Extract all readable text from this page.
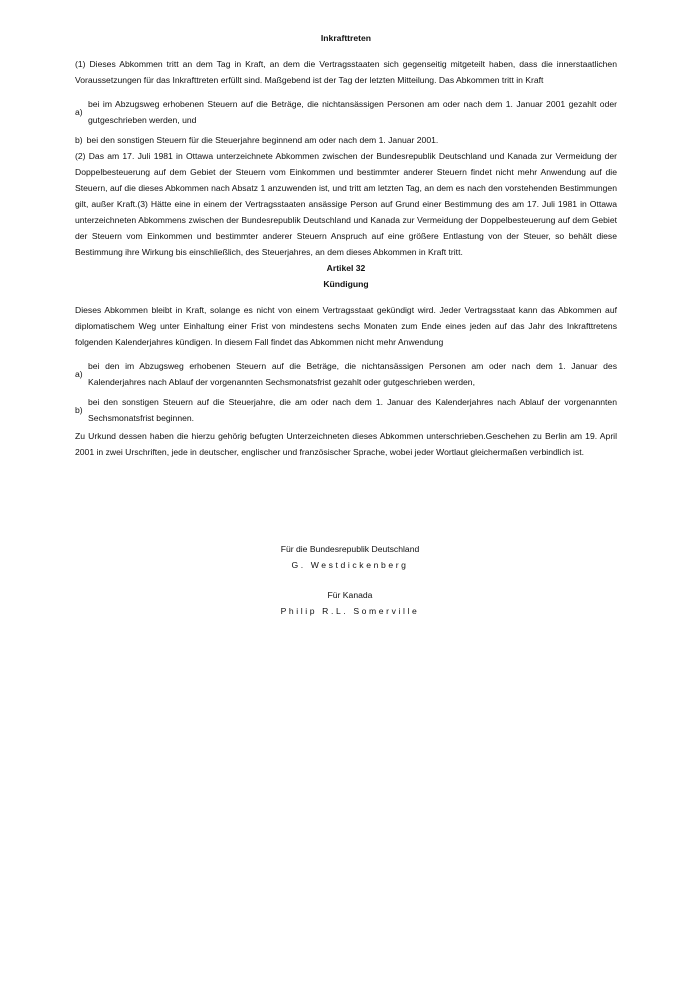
Inkrafttreten
(1) Dieses Abkommen tritt an dem Tag in Kraft, an dem die Vertragsstaaten sich gegenseitig mitgeteilt haben, dass die innerstaatlichen Voraussetzungen für das Inkrafttreten erfüllt sind. Maßgebend ist der Tag der letzten Mitteilung. Das Abkommen tritt in Kraft
a)
bei im Abzugsweg erhobenen Steuern auf die Beträge, die nichtansässigen Personen am oder nach dem 1. Januar 2001 gezahlt oder gutgeschrieben werden, und
b) bei den sonstigen Steuern für die Steuerjahre beginnend am oder nach dem 1. Januar 2001.
(2) Das am 17. Juli 1981 in Ottawa unterzeichnete Abkommen zwischen der Bundesrepublik Deutschland und Kanada zur Vermeidung der Doppelbesteuerung auf dem Gebiet der Steuern vom Einkommen und bestimmter anderer Steuern findet nicht mehr Anwendung auf die Steuern, auf die dieses Abkommen nach Absatz 1 anzuwenden ist, und tritt am letzten Tag, an dem es nach den vorstehenden Bestimmungen gilt, außer Kraft.(3) Hätte eine in einem der Vertragsstaaten ansässige Person auf Grund einer Bestimmung des am 17. Juli 1981 in Ottawa unterzeichneten Abkommens zwischen der Bundesrepublik Deutschland und Kanada zur Vermeidung der Doppelbesteuerung auf dem Gebiet der Steuern vom Einkommen und bestimmter anderer Steuern Anspruch auf eine größere Entlastung von der Steuer, so behält diese Bestimmung ihre Wirkung bis einschließlich, des Steuerjahres, an dem dieses Abkommen in Kraft tritt.
Artikel 32
Kündigung
Dieses Abkommen bleibt in Kraft, solange es nicht von einem Vertragsstaat gekündigt wird. Jeder Vertragsstaat kann das Abkommen auf diplomatischem Weg unter Einhaltung einer Frist von mindestens sechs Monaten zum Ende eines jeden auf das Jahr des Inkrafttretens folgenden Kalenderjahres kündigen. In diesem Fall findet das Abkommen nicht mehr Anwendung
a)
bei den im Abzugsweg erhobenen Steuern auf die Beträge, die nichtansässigen Personen am oder nach dem 1. Januar des Kalenderjahres nach Ablauf der vorgenannten Sechsmonatsfrist gezahlt oder gutgeschrieben werden,
b)
bei den sonstigen Steuern auf die Steuerjahre, die am oder nach dem 1. Januar des Kalenderjahres nach Ablauf der vorgenannten Sechsmonatsfrist beginnen.
Zu Urkund dessen haben die hierzu gehörig befugten Unterzeichneten dieses Abkommen unterschrieben.Geschehen zu Berlin am 19. April 2001 in zwei Urschriften, jede in deutscher, englischer und französischer Sprache, wobei jeder Wortlaut gleichermaßen verbindlich ist.
Für die Bundesrepublik Deutschland
G. Westdickenberg
Für Kanada
Philip R.L. Somerville
